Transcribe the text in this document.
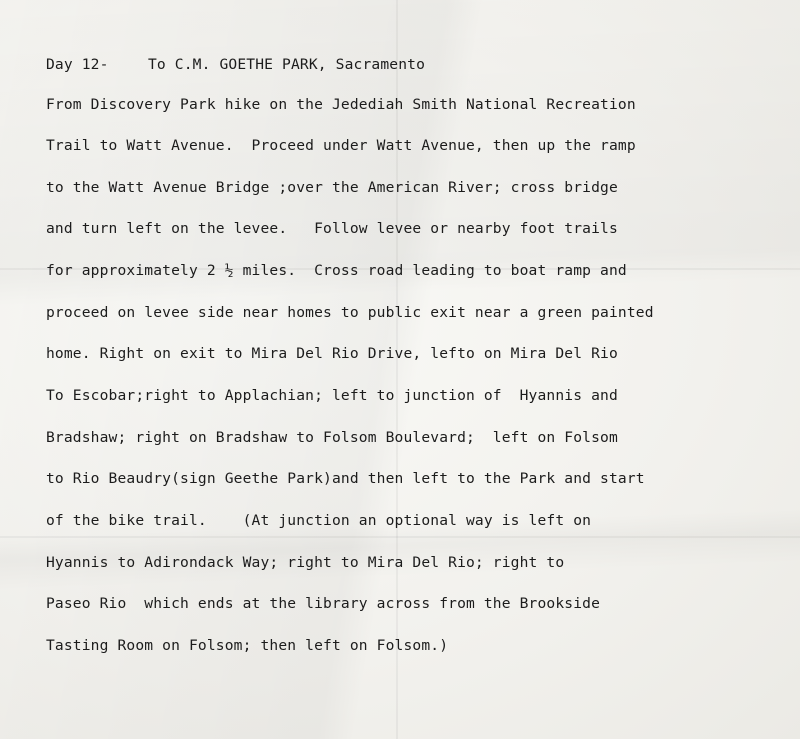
Day 12-	To C.M. GOETHE PARK, Sacramento

From Discovery Park hike on the Jedediah Smith National Recreation

Trail to Watt Avenue.  Proceed under Watt Avenue, then up the ramp

to the Watt Avenue Bridge ;over the American River; cross bridge

and turn left on the levee.   Follow levee or nearby foot trails

for approximately 2 ½ miles.  Cross road leading to boat ramp and

proceed on levee side near homes to public exit near a green painted

home. Right on exit to Mira Del Rio Drive, lefto on Mira Del Rio

To Escobar;right to Applachian; left to junction of  Hyannis and

Bradshaw; right on Bradshaw to Folsom Boulevard;  left on Folsom

to Rio Beaudry(sign Geethe Park)and then left to the Park and start

of the bike trail.    (At junction an optional way is left on

Hyannis to Adirondack Way; right to Mira Del Rio; right to

Paseo Rio  which ends at the library across from the Brookside

Tasting Room on Folsom; then left on Folsom.)
